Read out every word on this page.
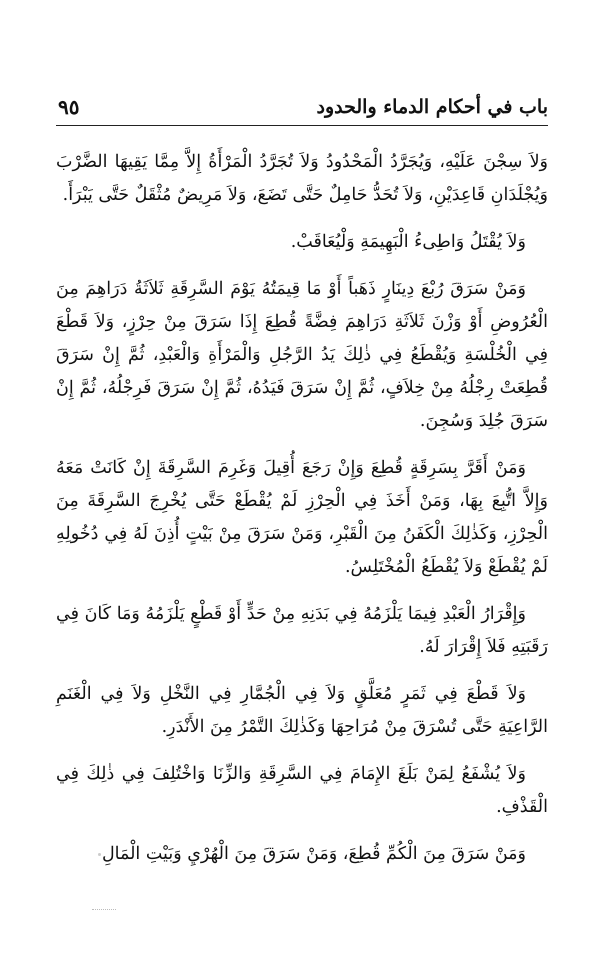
٩٥	باب في أحكام الدماء والحدود

وَلاَ سِجْنَ عَلَيْهِ، وَيُجَرَّدُ الْمَحْدُودُ وَلاَ تُجَرَّدُ الْمَرْأَةُ إِلاَّ مِمَّا يَقِيهَا الضَّرْبَ وَيُجْلَدَانِ قَاعِدَيْنِ، وَلاَ تُحَدُّ حَامِلٌ حَتَّى تَضَعَ، وَلاَ مَرِيضٌ مُثْقَلٌ حَتَّى يَبْرَأَ.

وَلاَ يُقْتَلُ وَاطِىءُ الْبَهِيمَةِ وَلْيُعَاقَبْ.

وَمَنْ سَرَقَ رُبْعَ دِينَارٍ ذَهَباً أَوْ مَا قِيمَتُهُ يَوْمَ السَّرِقَةِ ثَلاَثَةُ دَرَاهِمَ مِنَ الْعُرُوضِ أَوْ وَزْنَ ثَلاَثَةِ دَرَاهِمَ فِضَّةً قُطِعَ إِذَا سَرَقَ مِنْ حِرْزٍ، وَلاَ قَطْعَ فِي الْخُلْسَةِ وَيُقْطَعُ فِي ذٰلِكَ يَدُ الرَّجُلِ وَالْمَرْأَةِ وَالْعَبْدِ، ثُمَّ إِنْ سَرَقَ قُطِعَتْ رِجْلُهُ مِنْ خِلاَفٍ، ثُمَّ إِنْ سَرَقَ فَيَدُهُ، ثُمَّ إِنْ سَرَقَ فَرِجْلُهُ، ثُمَّ إِنْ سَرَقَ جُلِدَ وَسُجِنَ.

وَمَنْ أَقَرَّ بِسَرِقَةٍ قُطِعَ وَإِنْ رَجَعَ أُقِيلَ وَغَرِمَ السَّرِقَةَ إِنْ كَانَتْ مَعَهُ وَإِلاَّ اتُّبِعَ بِهَا، وَمَنْ أَخَذَ فِي الْحِرْزِ لَمْ يُقْطَعْ حَتَّى يُخْرِجَ السَّرِقَةَ مِنَ الْحِرْزِ، وَكَذٰلِكَ الْكَفَنُ مِنَ الْقَبْرِ، وَمَنْ سَرَقَ مِنْ بَيْتٍ أُذِنَ لَهُ فِي دُخُولِهِ لَمْ يُقْطَعْ وَلاَ يُقْطَعُ الْمُخْتَلِسُ.

وَإِقْرَارُ الْعَبْدِ فِيمَا يَلْزَمُهُ فِي بَدَنِهِ مِنْ حَدٍّ أَوْ قَطْعٍ يَلْزَمُهُ وَمَا كَانَ فِي رَقَبَتِهِ فَلاَ إِقْرَارَ لَهُ.

وَلاَ قَطْعَ فِي ثَمَرٍ مُعَلَّقٍ وَلاَ فِي الْجُمَّارِ فِي النَّخْلِ وَلاَ فِي الْغَنَمِ الرَّاعِيَةِ حَتَّى تُسْرَقَ مِنْ مُرَاحِهَا وَكَذٰلِكَ التَّمْرُ مِنَ الأَنْدَرِ.

وَلاَ يُشْفَعُ لِمَنْ بَلَغَ الإِمَامَ فِي السَّرِقَةِ وَالزِّنَا وَاخْتُلِفَ فِي ذٰلِكَ فِي الْقَذْفِ.

وَمَنْ سَرَقَ مِنَ الْكُمِّ قُطِعَ، وَمَنْ سَرَقَ مِنَ الْهُرْيِ وَبَيْتِ الْمَالِ
